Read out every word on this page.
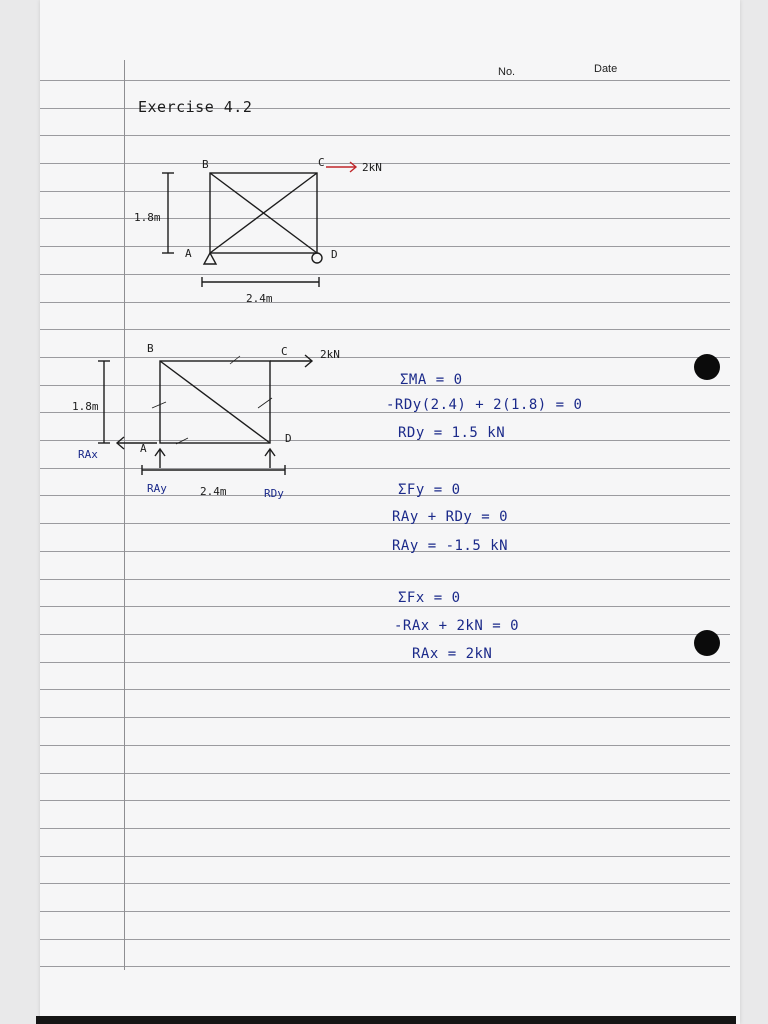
No.	Date
Exercise 4.2
B	C
A	D
2kN
1.8m
2.4m
B	C
A
D
2kN
1.8m
2.4m
RAx
RAy	RDy
ΣMA = 0
-RDy(2.4) + 2(1.8) = 0
RDy = 1.5 kN
ΣFy = 0
RAy + RDy = 0
RAy = -1.5 kN
ΣFx = 0
-RAx + 2kN = 0
RAx = 2kN
